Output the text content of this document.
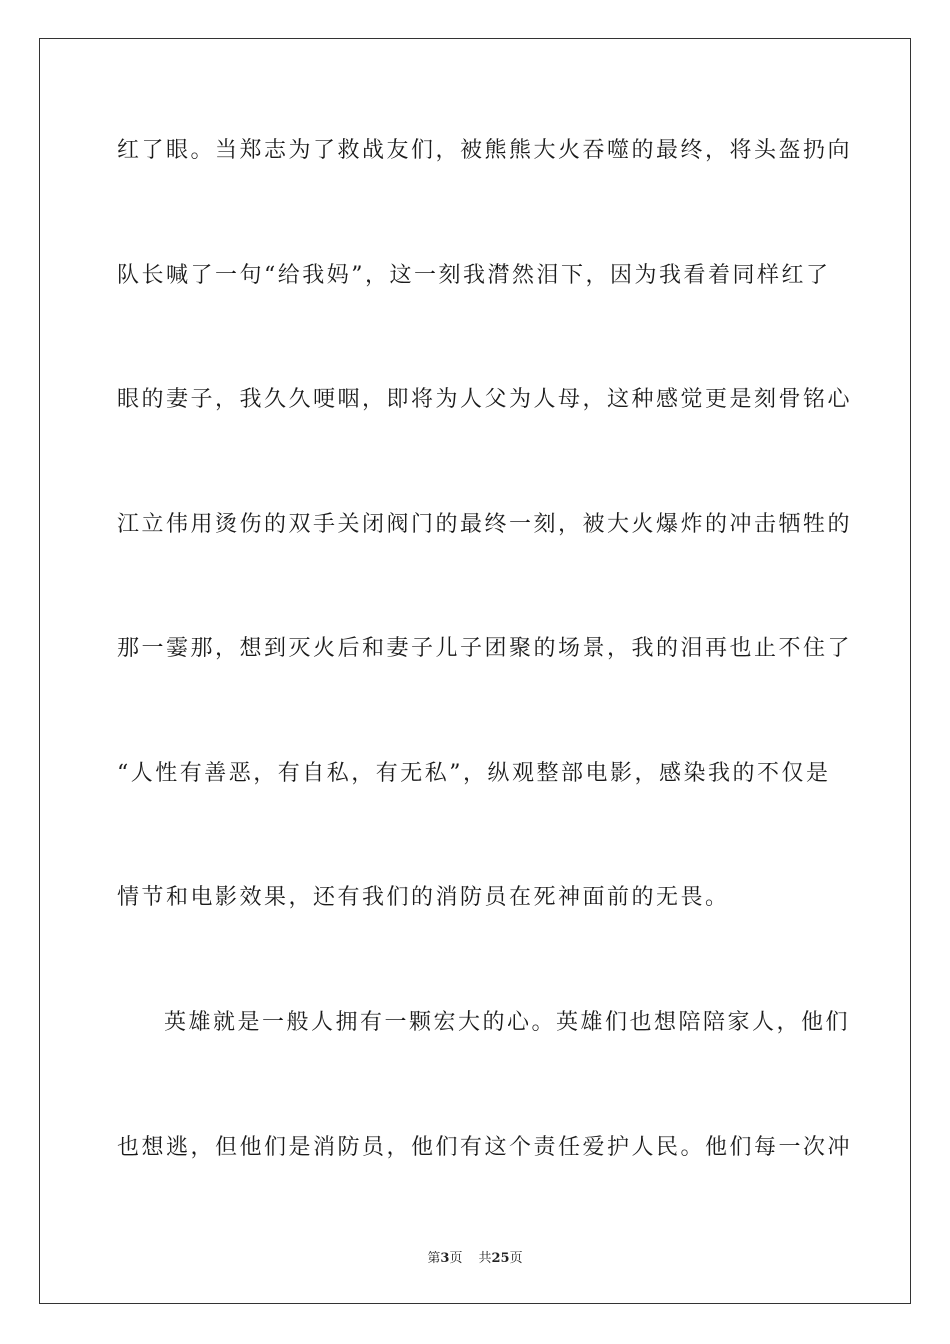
红了眼。当郑志为了救战友们，被熊熊大火吞噬的最终，将头盔扔向
队长喊了一句“给我妈”，这一刻我潸然泪下，因为我看着同样红了
眼的妻子，我久久哽咽，即将为人父为人母，这种感觉更是刻骨铭心
江立伟用烫伤的双手关闭阀门的最终一刻，被大火爆炸的冲击牺牲的
那一霎那，想到灭火后和妻子儿子团聚的场景，我的泪再也止不住了
“人性有善恶，有自私，有无私”，纵观整部电影，感染我的不仅是
情节和电影效果，还有我们的消防员在死神面前的无畏。
英雄就是一般人拥有一颗宏大的心。英雄们也想陪陪家人，他们
也想逃，但他们是消防员，他们有这个责任爱护人民。他们每一次冲
第3页 共25页
